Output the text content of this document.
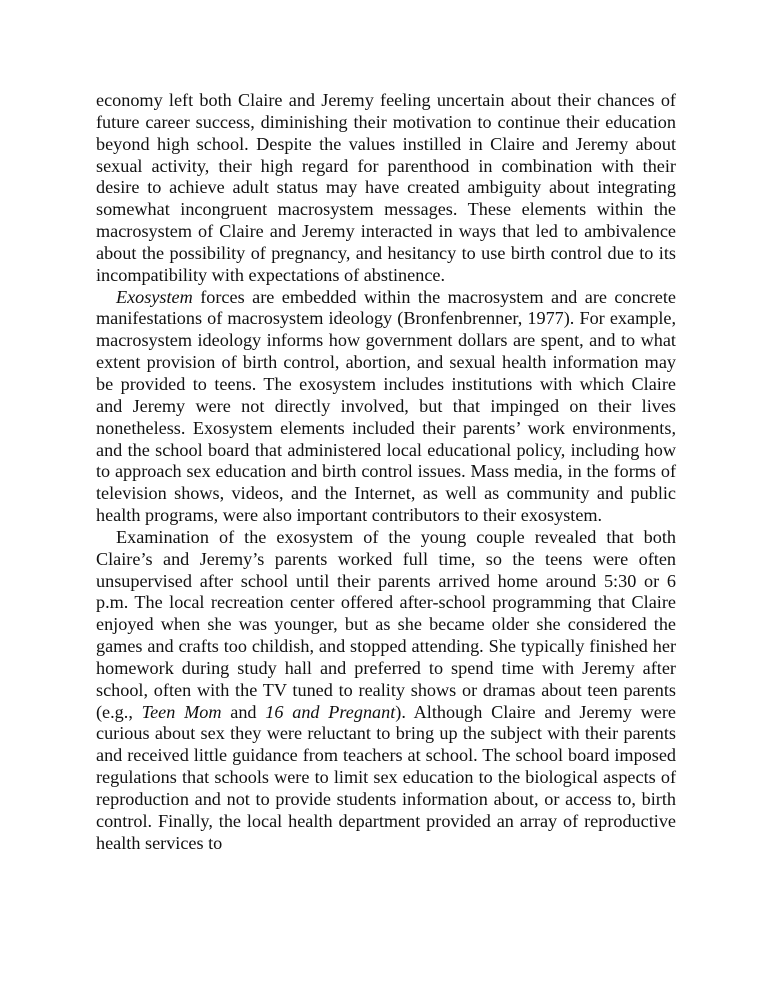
economy left both Claire and Jeremy feeling uncertain about their chances of future career success, diminishing their motivation to continue their education beyond high school. Despite the values instilled in Claire and Jeremy about sexual activity, their high regard for parenthood in combination with their desire to achieve adult status may have created ambiguity about integrating somewhat incongruent macrosystem messages. These elements within the macrosystem of Claire and Jeremy interacted in ways that led to ambivalence about the possibility of pregnancy, and hesitancy to use birth control due to its incompatibility with expectations of abstinence.

Exosystem forces are embedded within the macrosystem and are concrete manifestations of macrosystem ideology (Bronfenbrenner, 1977). For example, macrosystem ideology informs how government dollars are spent, and to what extent provision of birth control, abortion, and sexual health information may be provided to teens. The exosystem includes institutions with which Claire and Jeremy were not directly involved, but that impinged on their lives nonetheless. Exosystem elements included their parents’ work environments, and the school board that administered local educational policy, including how to approach sex education and birth control issues. Mass media, in the forms of television shows, videos, and the Internet, as well as community and public health programs, were also important contributors to their exosystem.

Examination of the exosystem of the young couple revealed that both Claire’s and Jeremy’s parents worked full time, so the teens were often unsupervised after school until their parents arrived home around 5:30 or 6 p.m. The local recreation center offered after-school programming that Claire enjoyed when she was younger, but as she became older she considered the games and crafts too childish, and stopped attending. She typically finished her homework during study hall and preferred to spend time with Jeremy after school, often with the TV tuned to reality shows or dramas about teen parents (e.g., Teen Mom and 16 and Pregnant). Although Claire and Jeremy were curious about sex they were reluctant to bring up the subject with their parents and received little guidance from teachers at school. The school board imposed regulations that schools were to limit sex education to the biological aspects of reproduction and not to provide students information about, or access to, birth control. Finally, the local health department provided an array of reproductive health services to
